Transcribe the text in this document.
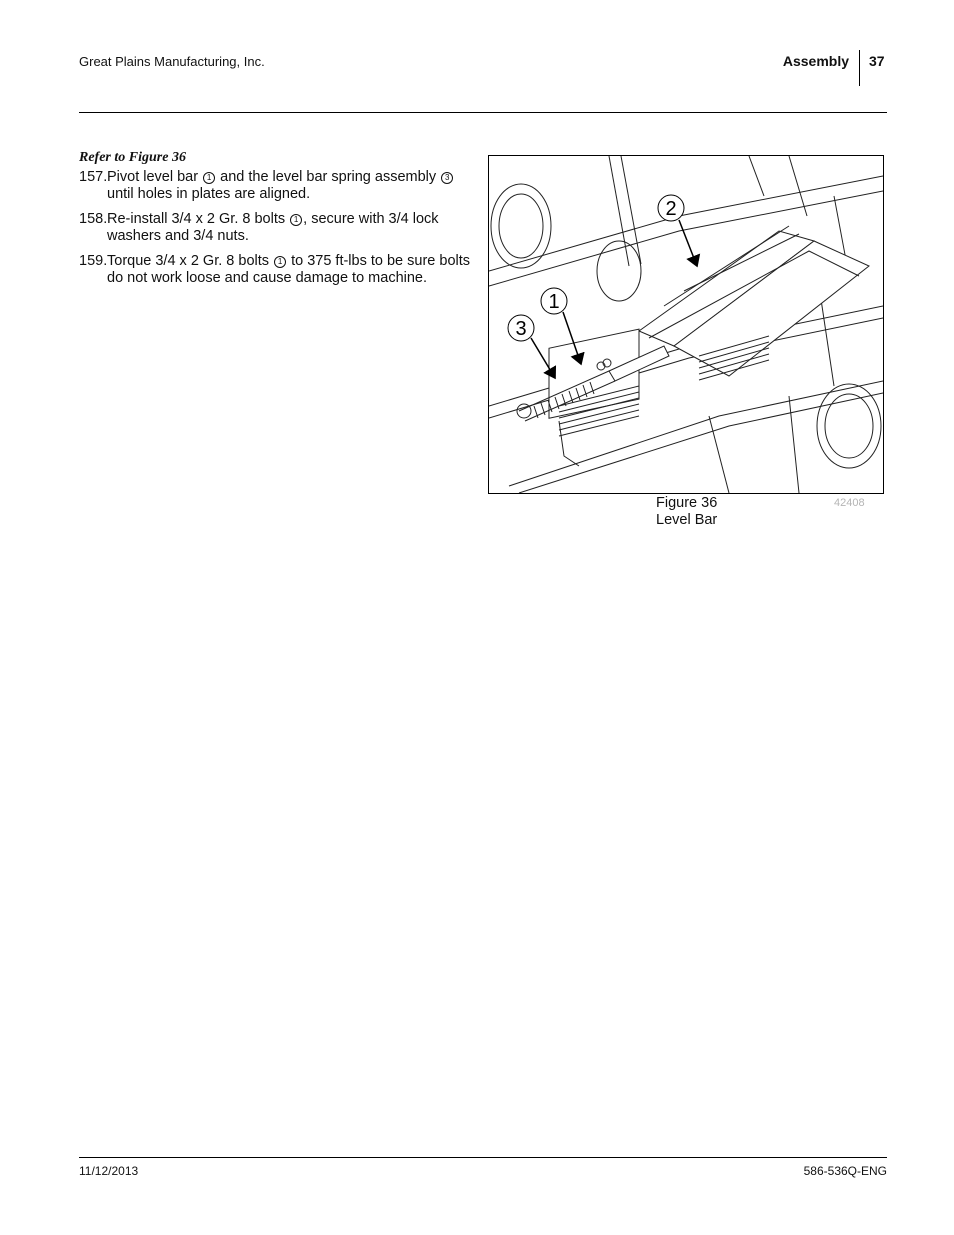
Great Plains Manufacturing, Inc.	Assembly 37
Refer to Figure 36
157. Pivot level bar 1 and the level bar spring assembly 3 until holes in plates are aligned.
158. Re-install 3/4 x 2 Gr. 8 bolts 1 , secure with 3/4 lock washers and 3/4 nuts.
159. Torque 3/4 x 2 Gr. 8 bolts 1 to 375 ft-lbs to be sure bolts do not work loose and cause damage to machine.
2
1
3
Figure 36
Level Bar
42408
11/12/2013	586-536Q-ENG
